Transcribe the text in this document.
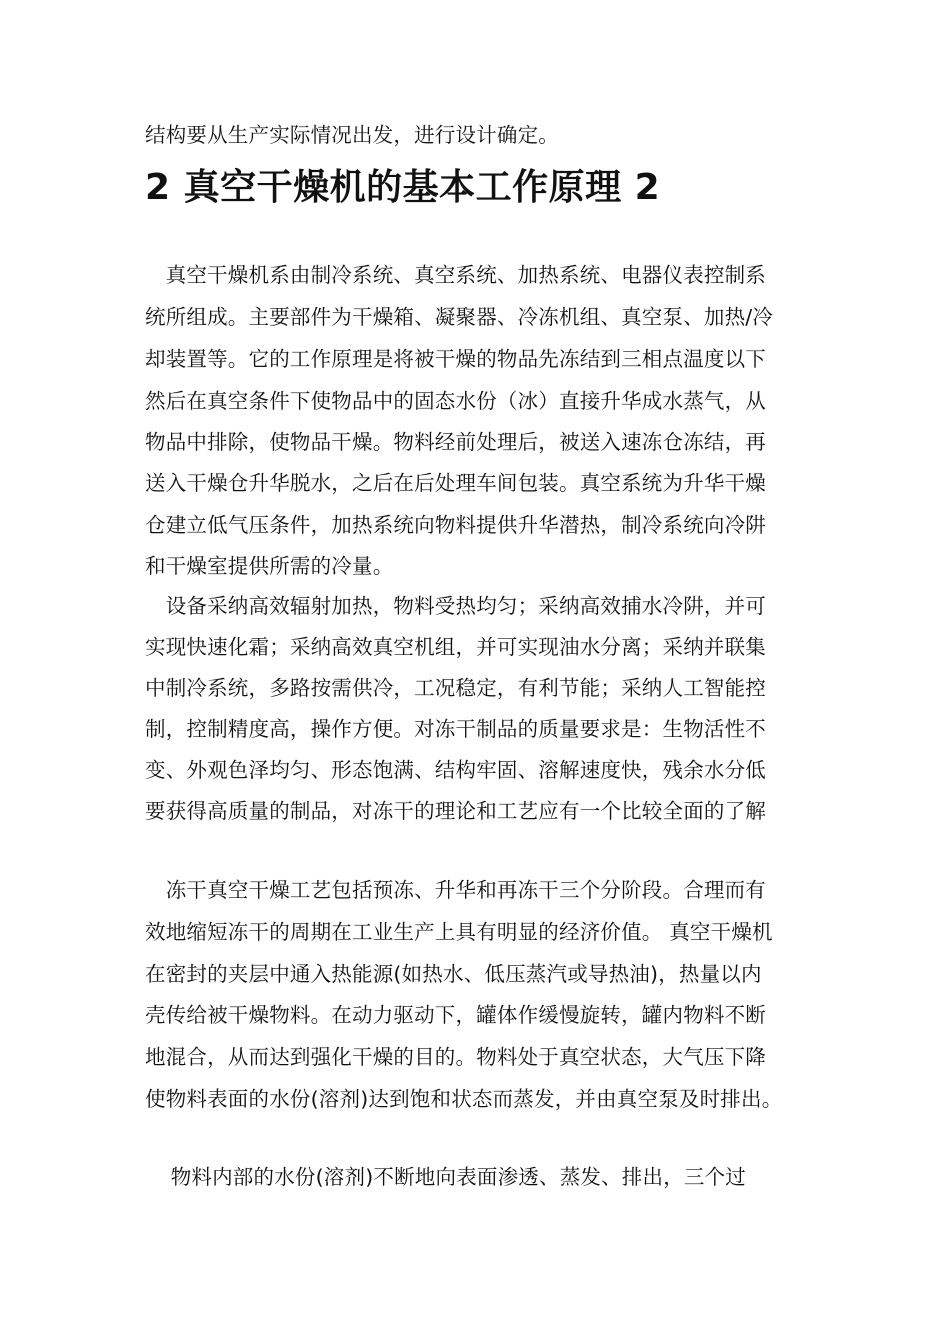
结构要从生产实际情况出发，进行设计确定。
2 真空干燥机的基本工作原理 2
　真空干燥机系由制冷系统、真空系统、加热系统、电器仪表控制系
统所组成。主要部件为干燥箱、凝聚器、冷冻机组、真空泵、加热/冷
却装置等。它的工作原理是将被干燥的物品先冻结到三相点温度以下
然后在真空条件下使物品中的固态水份（冰）直接升华成水蒸气，从
物品中排除，使物品干燥。物料经前处理后，被送入速冻仓冻结，再
送入干燥仓升华脱水，之后在后处理车间包装。真空系统为升华干燥
仓建立低气压条件，加热系统向物料提供升华潜热，制冷系统向冷阱
和干燥室提供所需的冷量。
　设备采纳高效辐射加热，物料受热均匀；采纳高效捕水冷阱，并可
实现快速化霜；采纳高效真空机组，并可实现油水分离；采纳并联集
中制冷系统，多路按需供冷，工况稳定，有利节能；采纳人工智能控
制，控制精度高，操作方便。对冻干制品的质量要求是：生物活性不
变、外观色泽均匀、形态饱满、结构牢固、溶解速度快，残余水分低
要获得高质量的制品，对冻干的理论和工艺应有一个比较全面的了解
　冻干真空干燥工艺包括预冻、升华和再冻干三个分阶段。合理而有
效地缩短冻干的周期在工业生产上具有明显的经济价值。 真空干燥机
在密封的夹层中通入热能源(如热水、低压蒸汽或导热油)，热量以内
壳传给被干燥物料。在动力驱动下，罐体作缓慢旋转，罐内物料不断
地混合，从而达到强化干燥的目的。物料处于真空状态，大气压下降
使物料表面的水份(溶剂)达到饱和状态而蒸发，并由真空泵及时排出。
　物料内部的水份(溶剂)不断地向表面渗透、蒸发、排出，三个过
